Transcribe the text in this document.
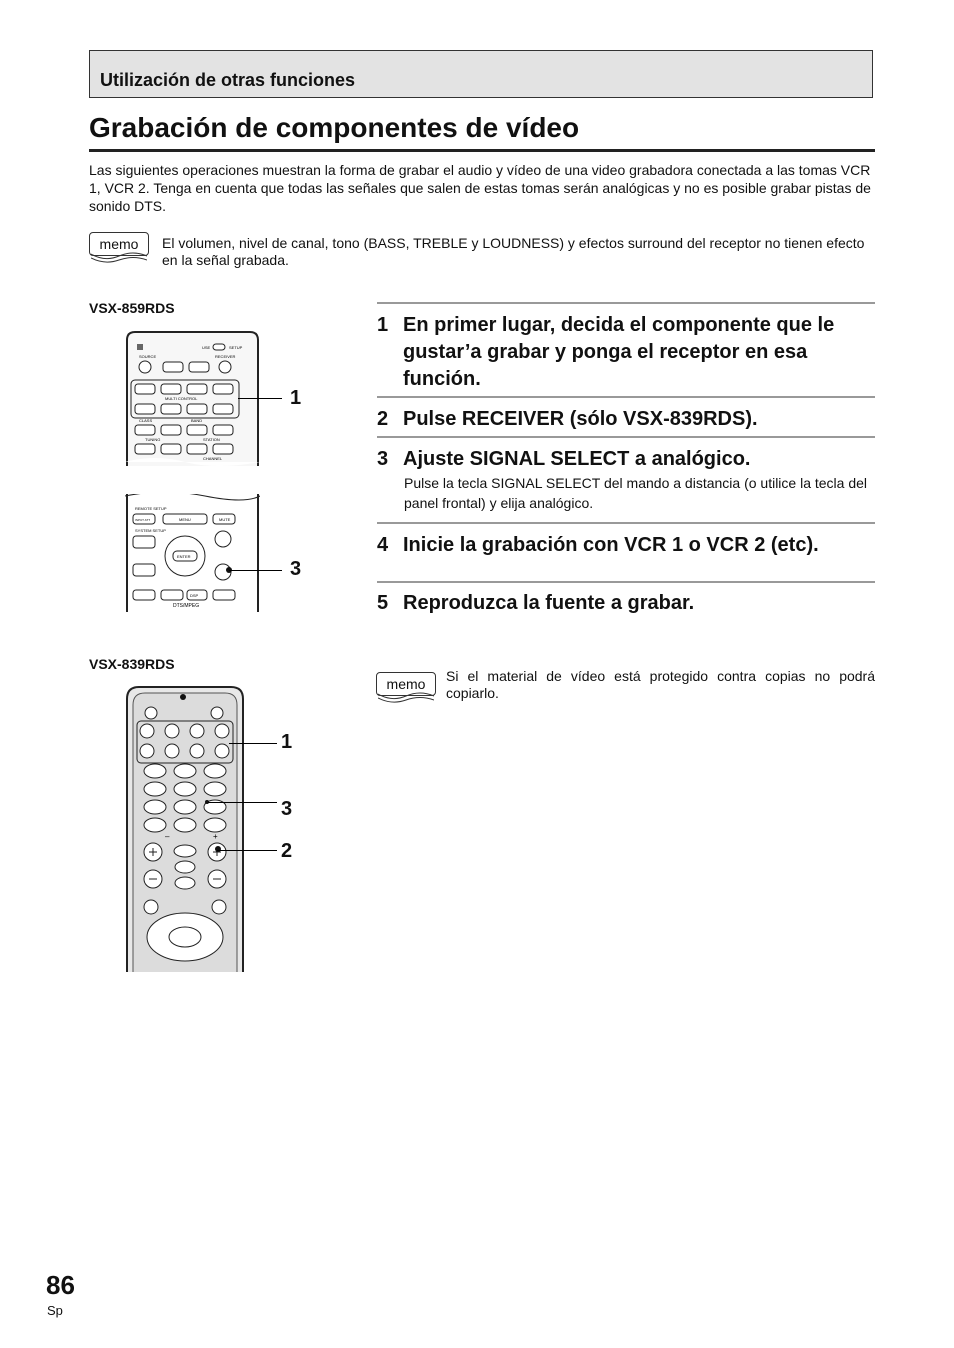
Utilización de otras funciones
Grabación de componentes de vídeo

Las siguientes operaciones muestran la forma de grabar el audio y vídeo de una video grabadora conectada a las tomas VCR 1, VCR 2. Tenga en cuenta que todas las señales que salen de estas tomas serán analógicas y no es posible grabar pistas de sonido DTS.

memo	El volumen, nivel de canal, tono (BASS, TREBLE y LOUDNESS) y efectos surround del receptor no tienen efecto en la señal grabada.

VSX-859RDS
VSX-839RDS
USE	SETUP
SOURCE	RECEIVER
MULTI CONTROL
CLASS	BAND
TUNING	STATION
CHANNEL
REMOTE SETUP
INPUT ATT	MENU	MUTE
SYSTEM SETUP
ENTER
DSP
DTS/MPEG
1
3
–	+
1
3
2

1 En primer lugar, decida el componente que le gustar’a grabar y ponga el receptor en esa función.

2 Pulse RECEIVER (sólo VSX-839RDS).

3 Ajuste SIGNAL SELECT a analógico.

Pulse la tecla SIGNAL SELECT del mando a distancia (o utilice la tecla del panel frontal) y elija analógico.

4 Inicie la grabación con VCR 1 o VCR 2 (etc).

5 Reproduzca la fuente a grabar.

memo	Si el material de vídeo está protegido contra copias no podrá copiarlo.

86
Sp
